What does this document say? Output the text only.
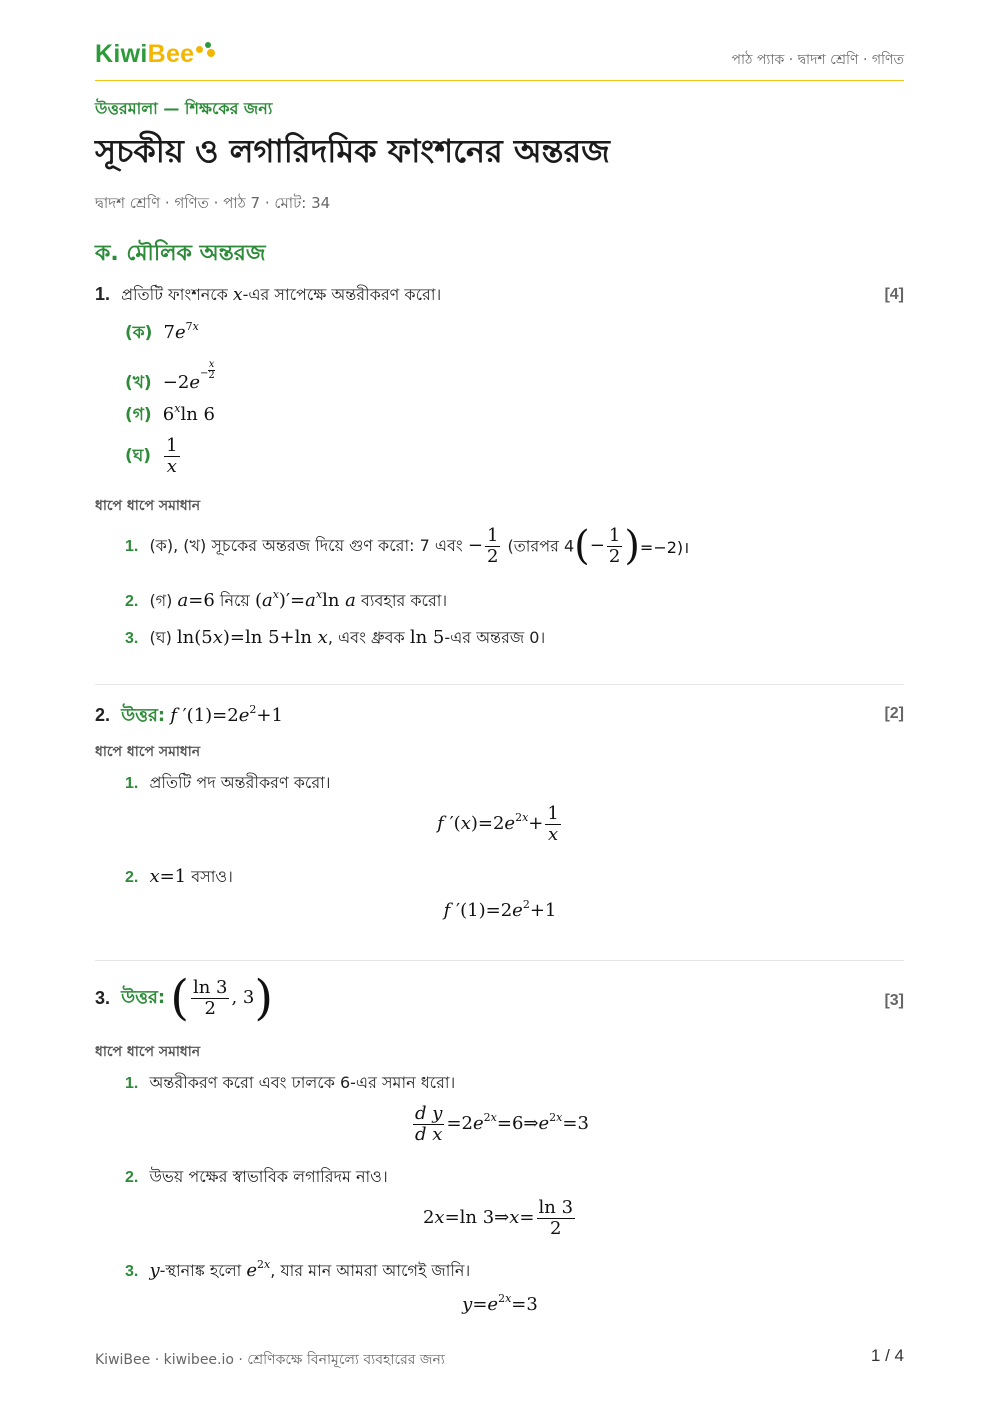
KiwiBee	পাঠ প্যাক · দ্বাদশ শ্রেণি · গণিত
উত্তরমালা — শিক্ষকের জন্য
সূচকীয় ও লগারিদমিক ফাংশনের অন্তরজ
দ্বাদশ শ্রেণি · গণিত · পাঠ 7 · মোট: 34
ক. মৌলিক অন্তরজ
1. প্রতিটি ফাংশনকে x-এর সাপেক্ষে অন্তরীকরণ করো।	[4]
(ক) $7e^{7x}$
(খ) $-2e- \frac{x}{2}$
(গ) 6$^x$ln 6
(ঘ) $\frac{1}{x}$
ধাপে ধাপে সমাধান
1. (ক), (খ) সূচকের অন্তরজ দিয়ে গুণ করো: 7 এবং − $\frac{1}{2}$ (তারপর $4(- \frac{1}{2}$ )=−2)।
2. (গ) a=6 নিয়ে $(a^x)'=a^x\ln$ a ব্যবহার করো।
3. (ঘ) ln(5x)=ln 5+ln x, এবং ধ্রুবক ln 5-এর অন্তরজ 0।
2. উত্তর: f $'(1)=2e^2+1$	[2]
ধাপে ধাপে সমাধান
1. প্রতিটি পদ অন্তরীকরণ করো।
f $'(x)=2e^{2x}+ \frac{1}{x}$
2. x=1 বসাও।
f $'(1)=2e^2+1$
3. উত্তর: ( $\frac{\ln 3}{2}$ , 3)	[3]
ধাপে ধাপে সমাধান
1. অন্তরীকরণ করো এবং ঢালকে 6-এর সমান ধরো।
$\frac{\text{d y}}{\text{d x}}$ $=2e^{2x}=6\Rightarrow e^{2x}=3$
2. উভয় পক্ষের স্বাভাবিক লগারিদম নাও।
2x=ln 3⇒x= $\frac{\ln 3}{2}$
3. y-স্থানাঙ্ক হলো $e^{2x}$, যার মান আমরা আগেই জানি।
$y=e^{2x}=3$
KiwiBee · kiwibee.io · শ্রেণিকক্ষে বিনামূল্যে ব্যবহারের জন্য	1 / 4
